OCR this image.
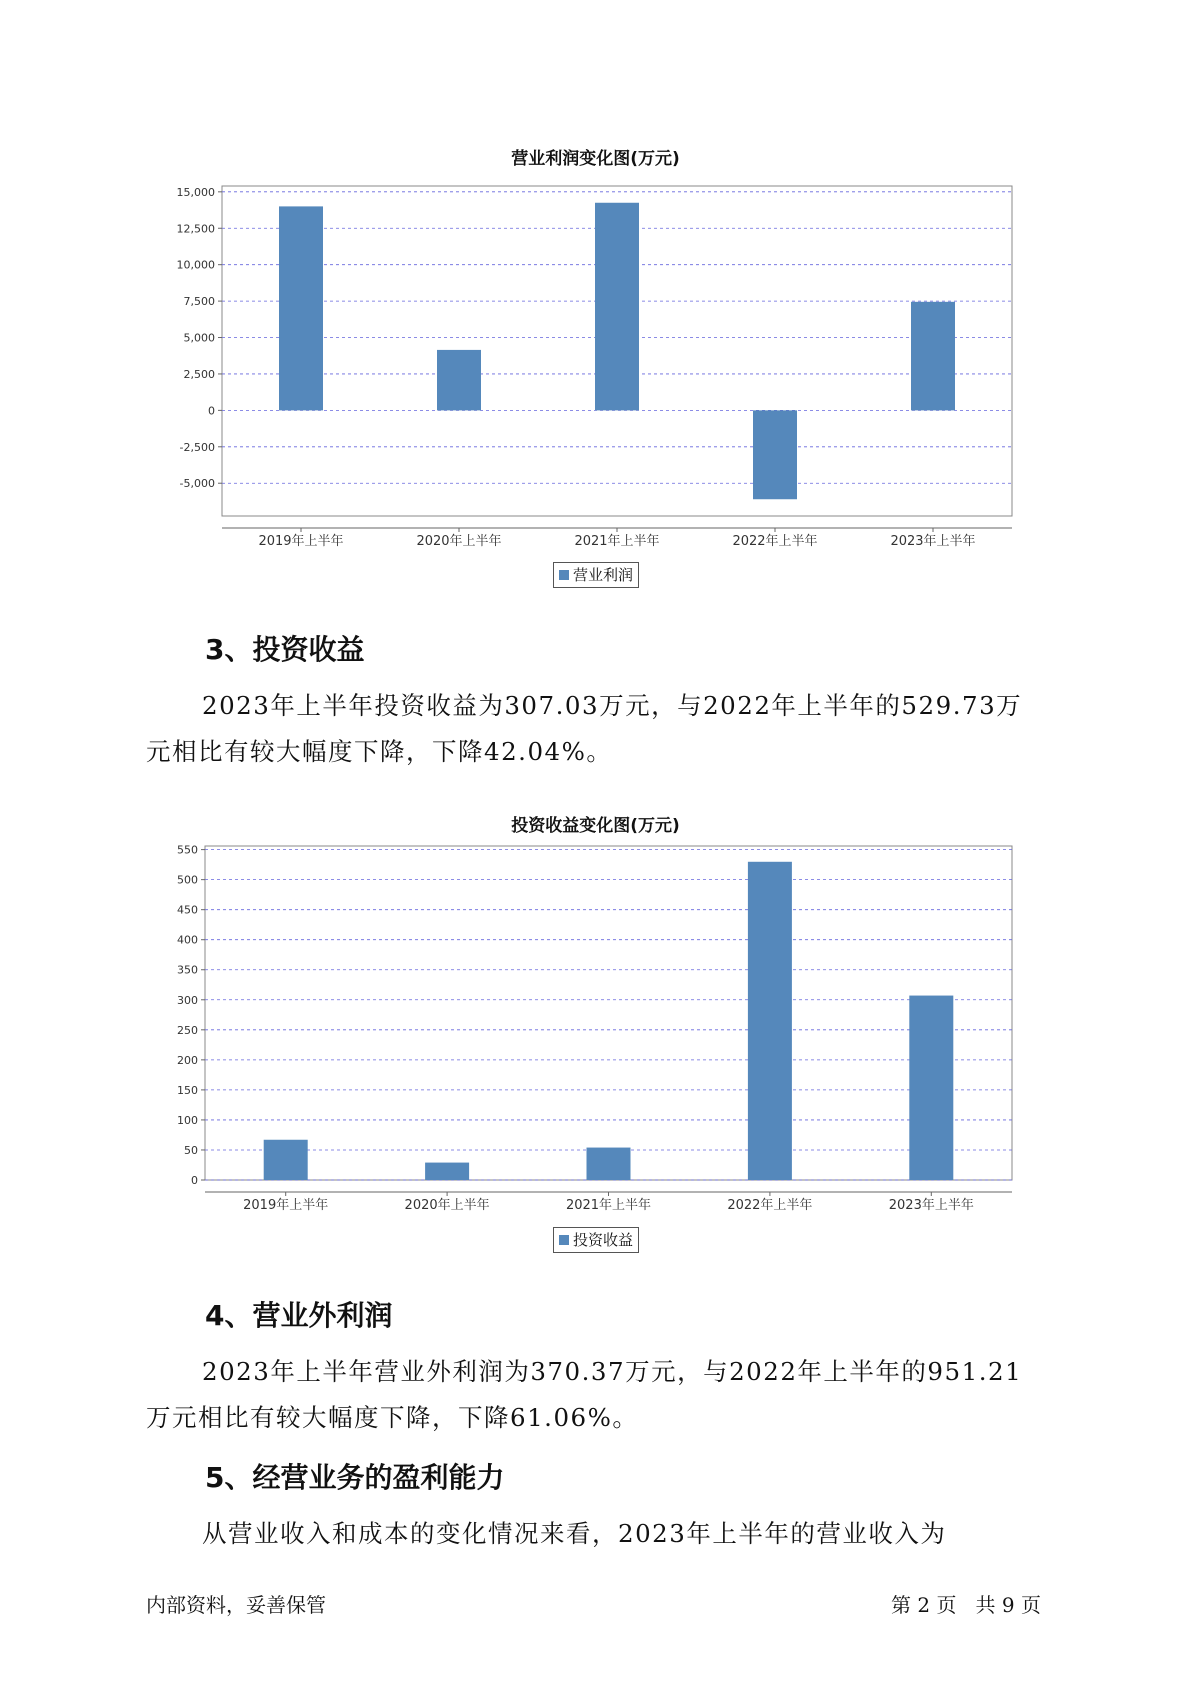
营业利润变化图(万元)
15,000
12,500
10,000
7,500
5,000
2,500
0
-2,500
-5,000
2019年上半年	2020年上半年	2021年上半年	2022年上半年	2023年上半年
营业利润
3、投资收益

2023年上半年投资收益为307.03万元，与2022年上半年的529.73万元相比有较大幅度下降，下降42.04%。

投资收益变化图(万元)
550
500
450
400
350
300
250
200
150
100
50
0
2019年上半年	2020年上半年	2021年上半年	2022年上半年	2023年上半年
投资收益
4、营业外利润

2023年上半年营业外利润为370.37万元，与2022年上半年的951.21万元相比有较大幅度下降，下降61.06%。

5、经营业务的盈利能力

从营业收入和成本的变化情况来看，2023年上半年的营业收入为

内部资料，妥善保管	第 2 页   共 9 页
